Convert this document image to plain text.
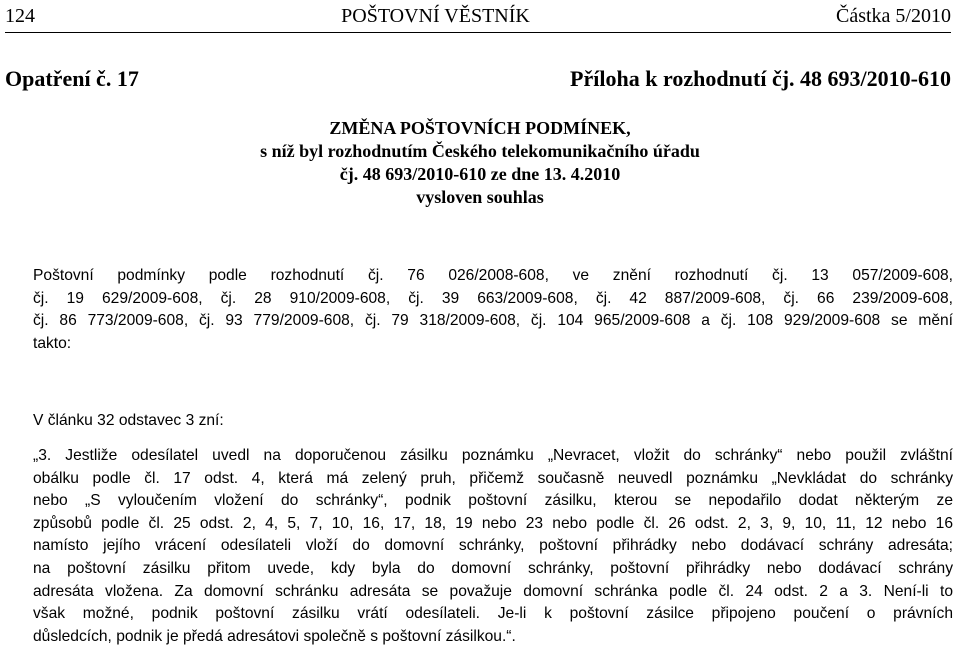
124	POŠTOVNÍ VĚSTNÍK	Částka 5/2010
Opatření č. 17	Příloha k rozhodnutí čj. 48 693/2010-610
ZMĚNA POŠTOVNÍCH PODMÍNEK,
s níž byl rozhodnutím Českého telekomunikačního úřadu
čj. 48 693/2010-610 ze dne 13. 4.2010
vysloven souhlas
Poštovní podmínky podle rozhodnutí čj. 76 026/2008-608, ve znění rozhodnutí čj. 13 057/2009-608,
čj. 19 629/2009-608, čj. 28 910/2009-608, čj. 39 663/2009-608, čj. 42 887/2009-608, čj. 66 239/2009-608,
čj. 86 773/2009-608, čj. 93 779/2009-608, čj. 79 318/2009-608, čj. 104 965/2009-608 a čj. 108 929/2009-608 se mění
takto:
V článku 32 odstavec 3 zní:
„3. Jestliže odesílatel uvedl na doporučenou zásilku poznámku „Nevracet, vložit do schránky“ nebo použil zvláštní
obálku podle čl. 17 odst. 4, která má zelený pruh, přičemž současně neuvedl poznámku „Nevkládat do schránky
nebo „S vyloučením vložení do schránky“, podnik poštovní zásilku, kterou se nepodařilo dodat některým ze
způsobů podle čl. 25 odst. 2, 4, 5, 7, 10, 16, 17, 18, 19 nebo 23 nebo podle čl. 26 odst. 2, 3, 9, 10, 11, 12 nebo 16
namísto jejího vrácení odesílateli vloží do domovní schránky, poštovní přihrádky nebo dodávací schrány adresáta;
na poštovní zásilku přitom uvede, kdy byla do domovní schránky, poštovní přihrádky nebo dodávací schrány
adresáta vložena. Za domovní schránku adresáta se považuje domovní schránka podle čl. 24 odst. 2 a 3. Není-li to
však možné, podnik poštovní zásilku vrátí odesílateli. Je-li k poštovní zásilce připojeno poučení o právních
důsledcích, podnik je předá adresátovi společně s poštovní zásilkou.“.
